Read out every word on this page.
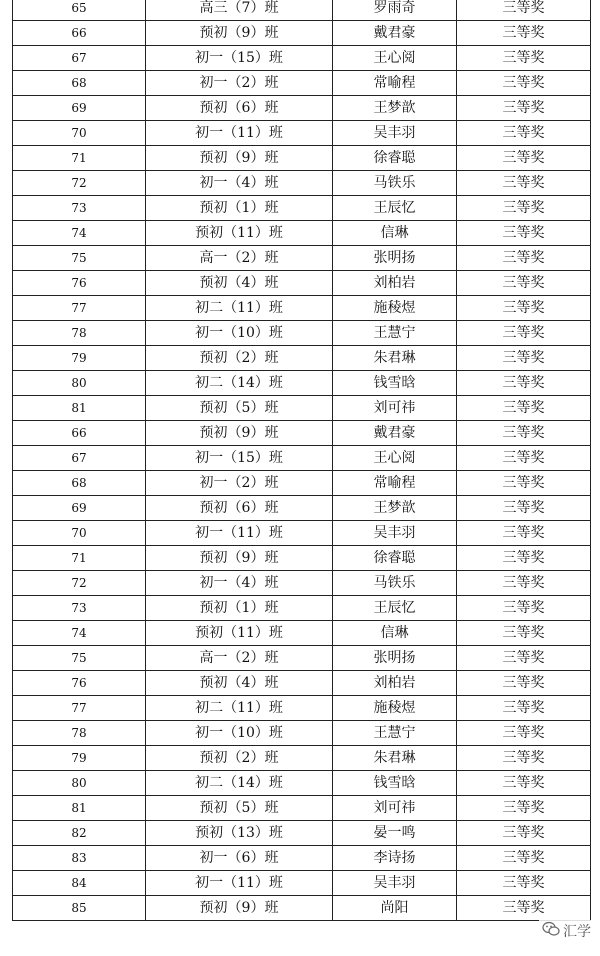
65	高三（7）班	罗雨奇	三等奖
66	预初（9）班	戴君豪	三等奖
67	初一（15）班	王心阅	三等奖
68	初一（2）班	常喻程	三等奖
69	预初（6）班	王梦歆	三等奖
70	初一（11）班	吴丰羽	三等奖
71	预初（9）班	徐睿聪	三等奖
72	初一（4）班	马铁乐	三等奖
73	预初（1）班	王辰忆	三等奖
74	预初（11）班	信琳	三等奖
75	高一（2）班	张明扬	三等奖
76	预初（4）班	刘柏岩	三等奖
77	初二（11）班	施稜煜	三等奖
78	初一（10）班	王慧宁	三等奖
79	预初（2）班	朱君琳	三等奖
80	初二（14）班	钱雪晗	三等奖
81	预初（5）班	刘可祎	三等奖
66	预初（9）班	戴君豪	三等奖
67	初一（15）班	王心阅	三等奖
68	初一（2）班	常喻程	三等奖
69	预初（6）班	王梦歆	三等奖
70	初一（11）班	吴丰羽	三等奖
71	预初（9）班	徐睿聪	三等奖
72	初一（4）班	马铁乐	三等奖
73	预初（1）班	王辰忆	三等奖
74	预初（11）班	信琳	三等奖
75	高一（2）班	张明扬	三等奖
76	预初（4）班	刘柏岩	三等奖
77	初二（11）班	施稜煜	三等奖
78	初一（10）班	王慧宁	三等奖
79	预初（2）班	朱君琳	三等奖
80	初二（14）班	钱雪晗	三等奖
81	预初（5）班	刘可祎	三等奖
82	预初（13）班	晏一鸣	三等奖
83	初一（6）班	李诗扬	三等奖
84	初一（11）班	吴丰羽	三等奖
85	预初（9）班	尚阳	三等奖
汇学
